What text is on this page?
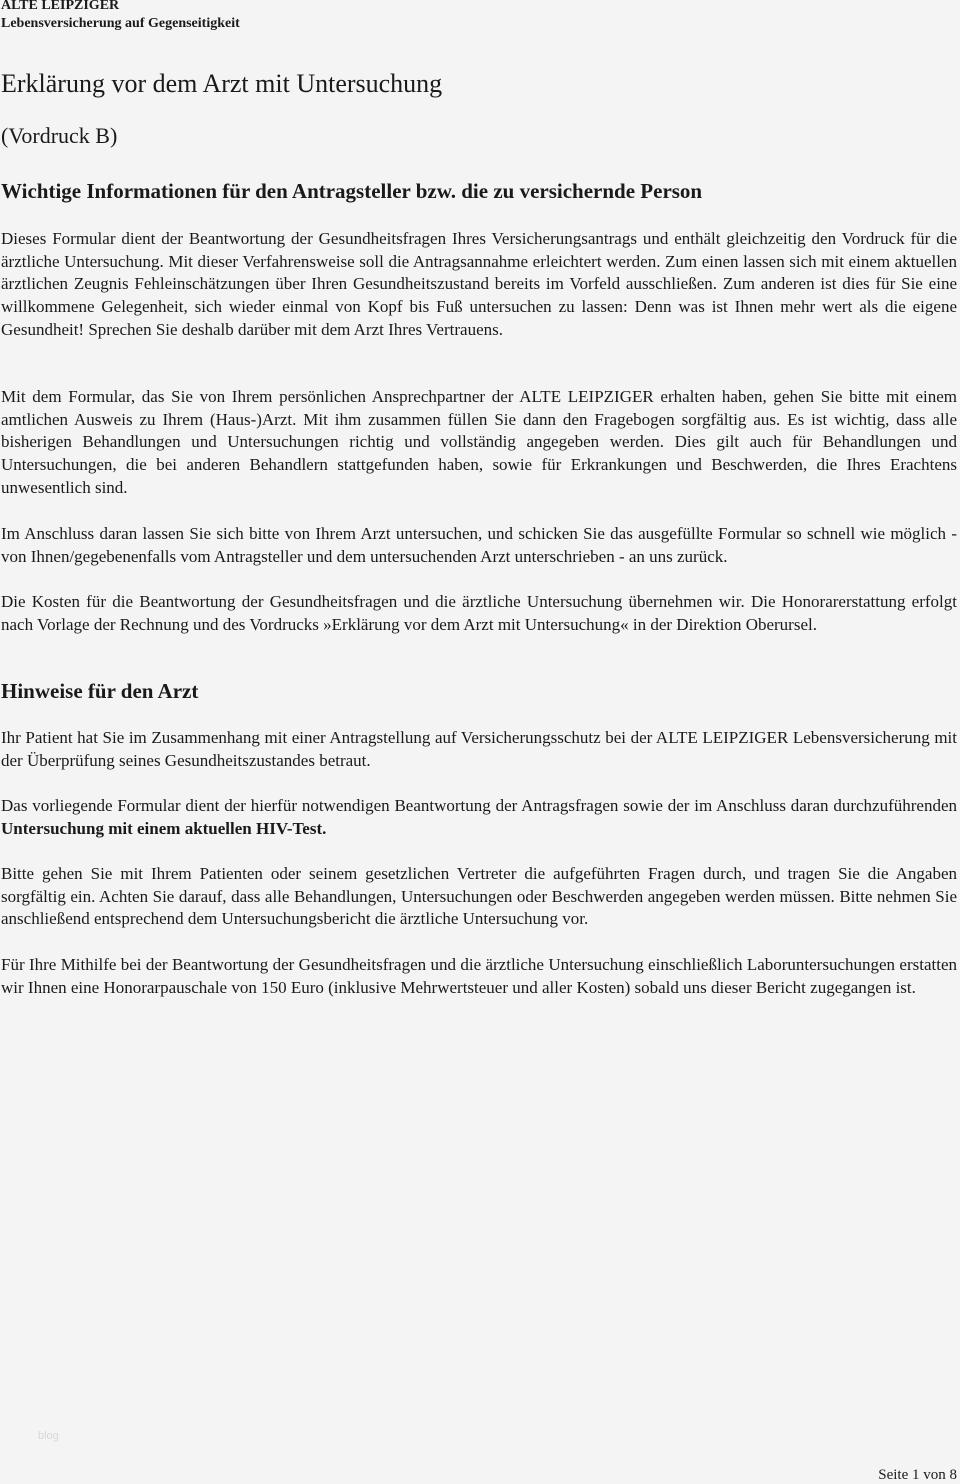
ALTE LEIPZIGER
Lebensversicherung auf Gegenseitigkeit
Erklärung vor dem Arzt mit Untersuchung
(Vordruck B)
Wichtige Informationen für den Antragsteller bzw. die zu versichernde Person
Dieses Formular dient der Beantwortung der Gesundheitsfragen Ihres Versicherungsantrags und enthält gleichzeitig den Vordruck für die ärztliche Untersuchung. Mit dieser Verfahrensweise soll die Antragsannahme erleichtert werden. Zum einen lassen sich mit einem aktuellen ärztlichen Zeugnis Fehleinschätzungen über Ihren Gesundheitszustand bereits im Vorfeld ausschließen. Zum anderen ist dies für Sie eine willkommene Gelegenheit, sich wieder einmal von Kopf bis Fuß untersuchen zu lassen: Denn was ist Ihnen mehr wert als die eigene Gesundheit! Sprechen Sie deshalb darüber mit dem Arzt Ihres Vertrauens.
Mit dem Formular, das Sie von Ihrem persönlichen Ansprechpartner der ALTE LEIPZIGER erhalten haben, gehen Sie bitte mit einem amtlichen Ausweis zu Ihrem (Haus-)Arzt. Mit ihm zusammen füllen Sie dann den Fragebogen sorgfältig aus. Es ist wichtig, dass alle bisherigen Behandlungen und Untersuchungen richtig und vollständig angegeben werden. Dies gilt auch für Behandlungen und Untersuchungen, die bei anderen Behandlern stattgefunden haben, sowie für Erkrankungen und Beschwerden, die Ihres Erachtens unwesentlich sind.
Im Anschluss daran lassen Sie sich bitte von Ihrem Arzt untersuchen, und schicken Sie das ausgefüllte Formular so schnell wie möglich - von Ihnen/gegebenenfalls vom Antragsteller und dem untersuchenden Arzt unterschrieben - an uns zurück.
Die Kosten für die Beantwortung der Gesundheitsfragen und die ärztliche Untersuchung übernehmen wir. Die Honorarerstattung erfolgt nach Vorlage der Rechnung und des Vordrucks »Erklärung vor dem Arzt mit Untersuchung« in der Direktion Oberursel.
Hinweise für den Arzt
Ihr Patient hat Sie im Zusammenhang mit einer Antragstellung auf Versicherungsschutz bei der ALTE LEIPZIGER Lebensversicherung mit der Überprüfung seines Gesundheitszustandes betraut.
Das vorliegende Formular dient der hierfür notwendigen Beantwortung der Antragsfragen sowie der im Anschluss daran durchzuführenden Untersuchung mit einem aktuellen HIV-Test.
Bitte gehen Sie mit Ihrem Patienten oder seinem gesetzlichen Vertreter die aufgeführten Fragen durch, und tragen Sie die Angaben sorgfältig ein. Achten Sie darauf, dass alle Behandlungen, Untersuchungen oder Beschwerden angegeben werden müssen. Bitte nehmen Sie anschließend entsprechend dem Untersuchungsbericht die ärztliche Untersuchung vor.
Für Ihre Mithilfe bei der Beantwortung der Gesundheitsfragen und die ärztliche Untersuchung einschließlich Laboruntersuchungen erstatten wir Ihnen eine Honorarpauschale von 150 Euro (inklusive Mehrwertsteuer und aller Kosten) sobald uns dieser Bericht zugegangen ist.
blog
Seite 1 von 8
